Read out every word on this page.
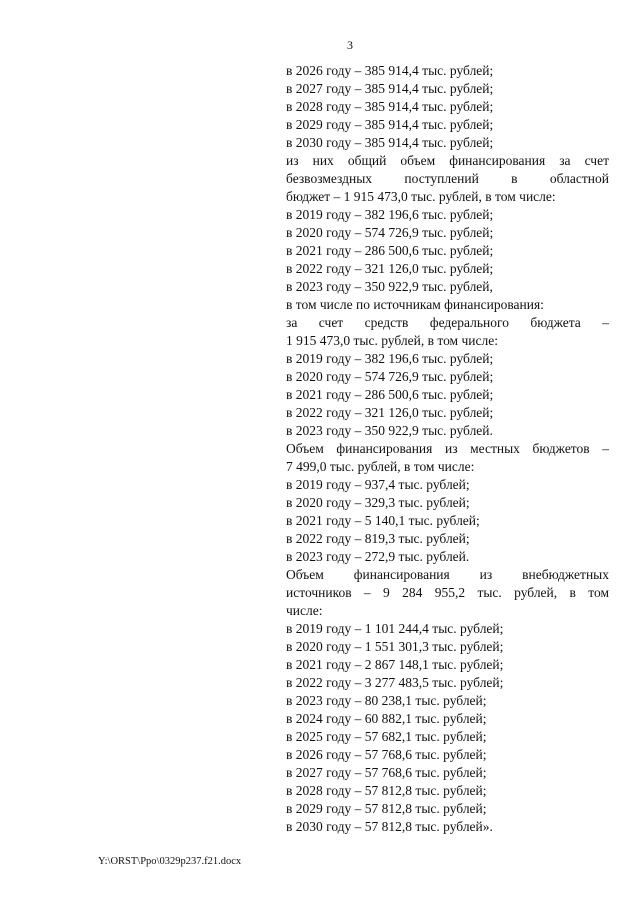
3
в 2026 году – 385 914,4 тыс. рублей;
в 2027 году – 385 914,4 тыс. рублей;
в 2028 году – 385 914,4 тыс. рублей;
в 2029 году – 385 914,4 тыс. рублей;
в 2030 году – 385 914,4 тыс. рублей;
из них общий объем финансирования за счет
безвозмездных поступлений в областной
бюджет – 1 915 473,0 тыс. рублей, в том числе:
в 2019 году – 382 196,6 тыс. рублей;
в 2020 году – 574 726,9 тыс. рублей;
в 2021 году – 286 500,6 тыс. рублей;
в 2022 году – 321 126,0 тыс. рублей;
в 2023 году – 350 922,9 тыс. рублей,
в том числе по источникам финансирования:
за счет средств федерального бюджета –
1 915 473,0 тыс. рублей, в том числе:
в 2019 году – 382 196,6 тыс. рублей;
в 2020 году – 574 726,9 тыс. рублей;
в 2021 году – 286 500,6 тыс. рублей;
в 2022 году – 321 126,0 тыс. рублей;
в 2023 году – 350 922,9 тыс. рублей.
Объем финансирования из местных бюджетов –
7 499,0 тыс. рублей, в том числе:
в 2019 году – 937,4 тыс. рублей;
в 2020 году – 329,3 тыс. рублей;
в 2021 году – 5 140,1 тыс. рублей;
в 2022 году – 819,3 тыс. рублей;
в 2023 году – 272,9 тыс. рублей.
Объем финансирования из внебюджетных
источников – 9 284 955,2 тыс. рублей, в том
числе:
в 2019 году – 1 101 244,4 тыс. рублей;
в 2020 году – 1 551 301,3 тыс. рублей;
в 2021 году – 2 867 148,1 тыс. рублей;
в 2022 году – 3 277 483,5 тыс. рублей;
в 2023 году – 80 238,1 тыс. рублей;
в 2024 году – 60 882,1 тыс. рублей;
в 2025 году – 57 682,1 тыс. рублей;
в 2026 году – 57 768,6 тыс. рублей;
в 2027 году – 57 768,6 тыс. рублей;
в 2028 году – 57 812,8 тыс. рублей;
в 2029 году – 57 812,8 тыс. рублей;
в 2030 году – 57 812,8 тыс. рублей».
Y:\ORST\Ppo\0329p237.f21.docx
